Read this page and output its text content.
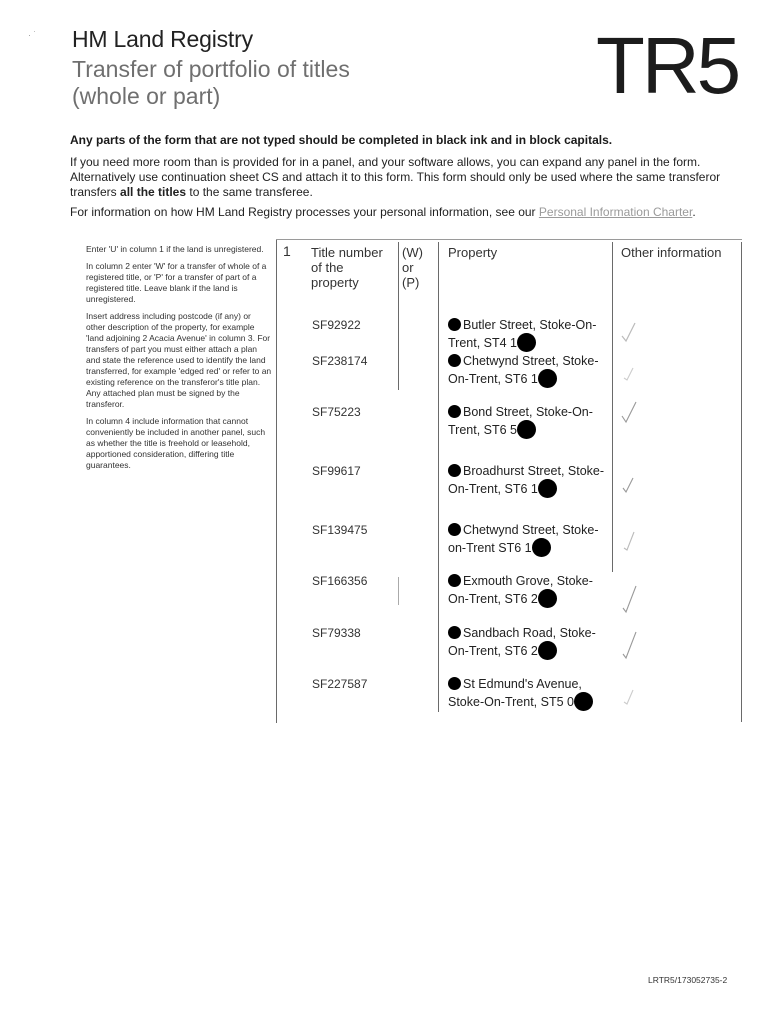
· ˙ HM Land Registry
Transfer of portfolio of titles
(whole or part)	TR5
Any parts of the form that are not typed should be completed in black ink and in block capitals.
If you need more room than is provided for in a panel, and your software allows, you can expand any panel in the form. Alternatively use continuation sheet CS and attach it to this form. This form should only be used where the same transferor transfers all the titles to the same transferee.
For information on how HM Land Registry processes your personal information, see our Personal Information Charter.

Enter 'U' in column 1 if the land is unregistered.

In column 2 enter 'W' for a transfer of whole of a registered title, or 'P' for a transfer of part of a registered title. Leave blank if the land is unregistered.

Insert address including postcode (if any) or other description of the property, for example 'land adjoining 2 Acacia Avenue' in column 3. For transfers of part you must either attach a plan and state the reference used to identify the land transferred, for example 'edged red' or refer to an existing reference on the transferor's title plan. Any attached plan must be signed by the transferor.

In column 4 include information that cannot conveniently be included in another panel, such as whether the title is freehold or leasehold, apportioned consideration, differing title guarantees.

1 Title number of the property
(W) or (P)
Property	Other information
SF92922	Butler Street, Stoke-On-Trent, ST4 1
SF238174	Chetwynd Street, Stoke-On-Trent, ST6 1
SF75223	Bond Street, Stoke-On-Trent, ST6 5
SF99617	Broadhurst Street, Stoke-On-Trent, ST6 1
SF139475	Chetwynd Street, Stoke-on-Trent ST6 1
SF166356	Exmouth Grove, Stoke-On-Trent, ST6 2
SF79338	Sandbach Road, Stoke-On-Trent, ST6 2
SF227587	St Edmund's Avenue, Stoke-On-Trent, ST5 0
LRTR5/173052735-2
